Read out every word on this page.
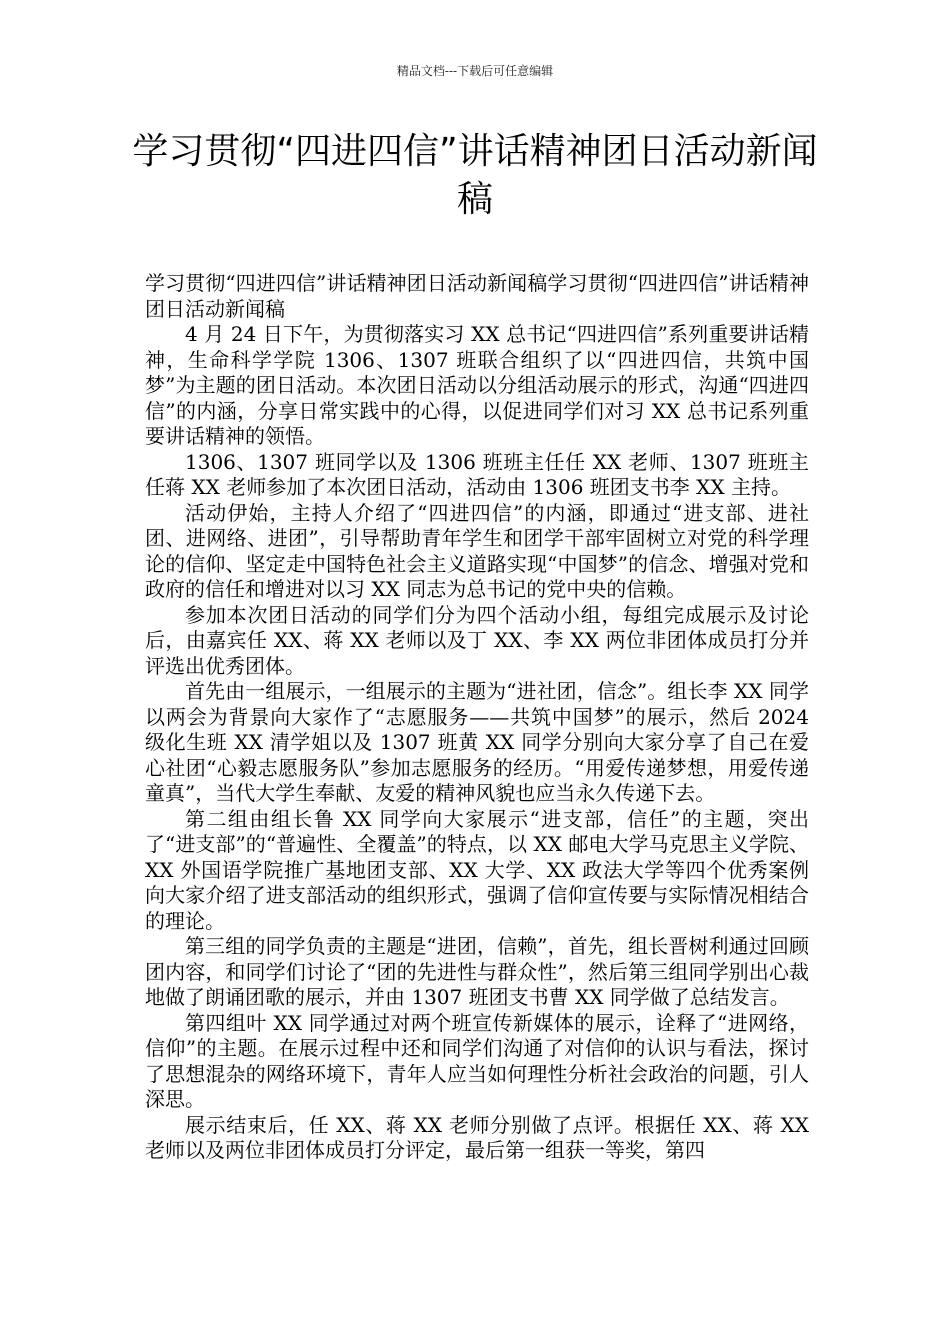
精品文档---下载后可任意编辑
学习贯彻“四进四信”讲话精神团日活动新闻稿

学习贯彻“四进四信”讲话精神团日活动新闻稿学习贯彻“四进四信”讲话精神团日活动新闻稿

4 月 24 日下午，为贯彻落实习 XX 总书记“四进四信”系列重要讲话精神，生命科学学院 1306、1307 班联合组织了以“四进四信，共筑中国梦”为主题的团日活动。本次团日活动以分组活动展示的形式，沟通“四进四信”的内涵，分享日常实践中的心得，以促进同学们对习 XX 总书记系列重要讲话精神的领悟。

1306、1307 班同学以及 1306 班班主任任 XX 老师、1307 班班主任蒋 XX 老师参加了本次团日活动，活动由 1306 班团支书李 XX 主持。

活动伊始，主持人介绍了“四进四信”的内涵，即通过“进支部、进社团、进网络、进团”，引导帮助青年学生和团学干部牢固树立对党的科学理论的信仰、坚定走中国特色社会主义道路实现“中国梦”的信念、增强对党和政府的信任和增进对以习 XX 同志为总书记的党中央的信赖。

参加本次团日活动的同学们分为四个活动小组，每组完成展示及讨论后，由嘉宾任 XX、蒋 XX 老师以及丁 XX、李 XX 两位非团体成员打分并评选出优秀团体。

首先由一组展示，一组展示的主题为“进社团，信念”。组长李 XX 同学以两会为背景向大家作了“志愿服务——共筑中国梦”的展示，然后 2024 级化生班 XX 清学姐以及 1307 班黄 XX 同学分别向大家分享了自己在爱心社团“心毅志愿服务队”参加志愿服务的经历。“用爱传递梦想，用爱传递童真”，当代大学生奉献、友爱的精神风貌也应当永久传递下去。

第二组由组长鲁 XX 同学向大家展示“进支部，信任”的主题，突出了“进支部”的“普遍性、全覆盖”的特点，以 XX 邮电大学马克思主义学院、XX 外国语学院推广基地团支部、XX 大学、XX 政法大学等四个优秀案例向大家介绍了进支部活动的组织形式，强调了信仰宣传要与实际情况相结合的理论。

第三组的同学负责的主题是“进团，信赖”，首先，组长晋树利通过回顾团内容，和同学们讨论了“团的先进性与群众性”，然后第三组同学别出心裁地做了朗诵团歌的展示，并由 1307 班团支书曹 XX 同学做了总结发言。

第四组叶 XX 同学通过对两个班宣传新媒体的展示，诠释了“进网络，信仰”的主题。在展示过程中还和同学们沟通了对信仰的认识与看法，探讨了思想混杂的网络环境下，青年人应当如何理性分析社会政治的问题，引人深思。

展示结束后，任 XX、蒋 XX 老师分别做了点评。根据任 XX、蒋 XX 老师以及两位非团体成员打分评定，最后第一组获一等奖，第四
